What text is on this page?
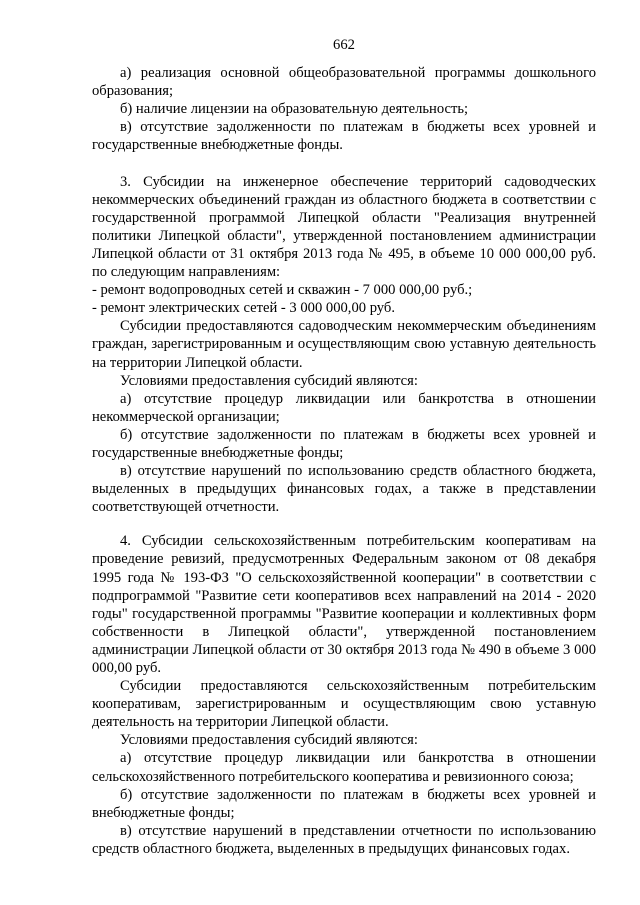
662

а) реализация основной общеобразовательной программы дошкольного образования;

б) наличие лицензии на образовательную деятельность;

в) отсутствие задолженности по платежам в бюджеты всех уровней и государственные внебюджетные фонды.

3. Субсидии на инженерное обеспечение территорий садоводческих некоммерческих объединений граждан из областного бюджета в соответствии с государственной программой Липецкой области "Реализация внутренней политики Липецкой области", утвержденной постановлением администрации Липецкой области от 31 октября 2013 года № 495, в объеме 10 000 000,00 руб. по следующим направлениям:

- ремонт водопроводных сетей и скважин - 7 000 000,00 руб.;

- ремонт электрических сетей - 3 000 000,00 руб.

Субсидии предоставляются садоводческим некоммерческим объединениям граждан, зарегистрированным и осуществляющим свою уставную деятельность на территории Липецкой области.

Условиями предоставления субсидий являются:

а) отсутствие процедур ликвидации или банкротства в отношении некоммерческой организации;

б) отсутствие задолженности по платежам в бюджеты всех уровней и государственные внебюджетные фонды;

в) отсутствие нарушений по использованию средств областного бюджета, выделенных в предыдущих финансовых годах, а также в представлении соответствующей отчетности.

4. Субсидии сельскохозяйственным потребительским кооперативам на проведение ревизий, предусмотренных Федеральным законом от 08 декабря 1995 года № 193-ФЗ "О сельскохозяйственной кооперации" в соответствии с подпрограммой "Развитие сети кооперативов всех направлений на 2014 - 2020 годы" государственной программы "Развитие кооперации и коллективных форм собственности в Липецкой области", утвержденной постановлением администрации Липецкой области от 30 октября 2013 года № 490 в объеме 3 000 000,00 руб.

Субсидии предоставляются сельскохозяйственным потребительским кооперативам, зарегистрированным и осуществляющим свою уставную деятельность на территории Липецкой области.

Условиями предоставления субсидий являются:

а) отсутствие процедур ликвидации или банкротства в отношении сельскохозяйственного потребительского кооператива и ревизионного союза;

б) отсутствие задолженности по платежам в бюджеты всех уровней и внебюджетные фонды;

в) отсутствие нарушений в представлении отчетности по использованию средств областного бюджета, выделенных в предыдущих финансовых годах.
